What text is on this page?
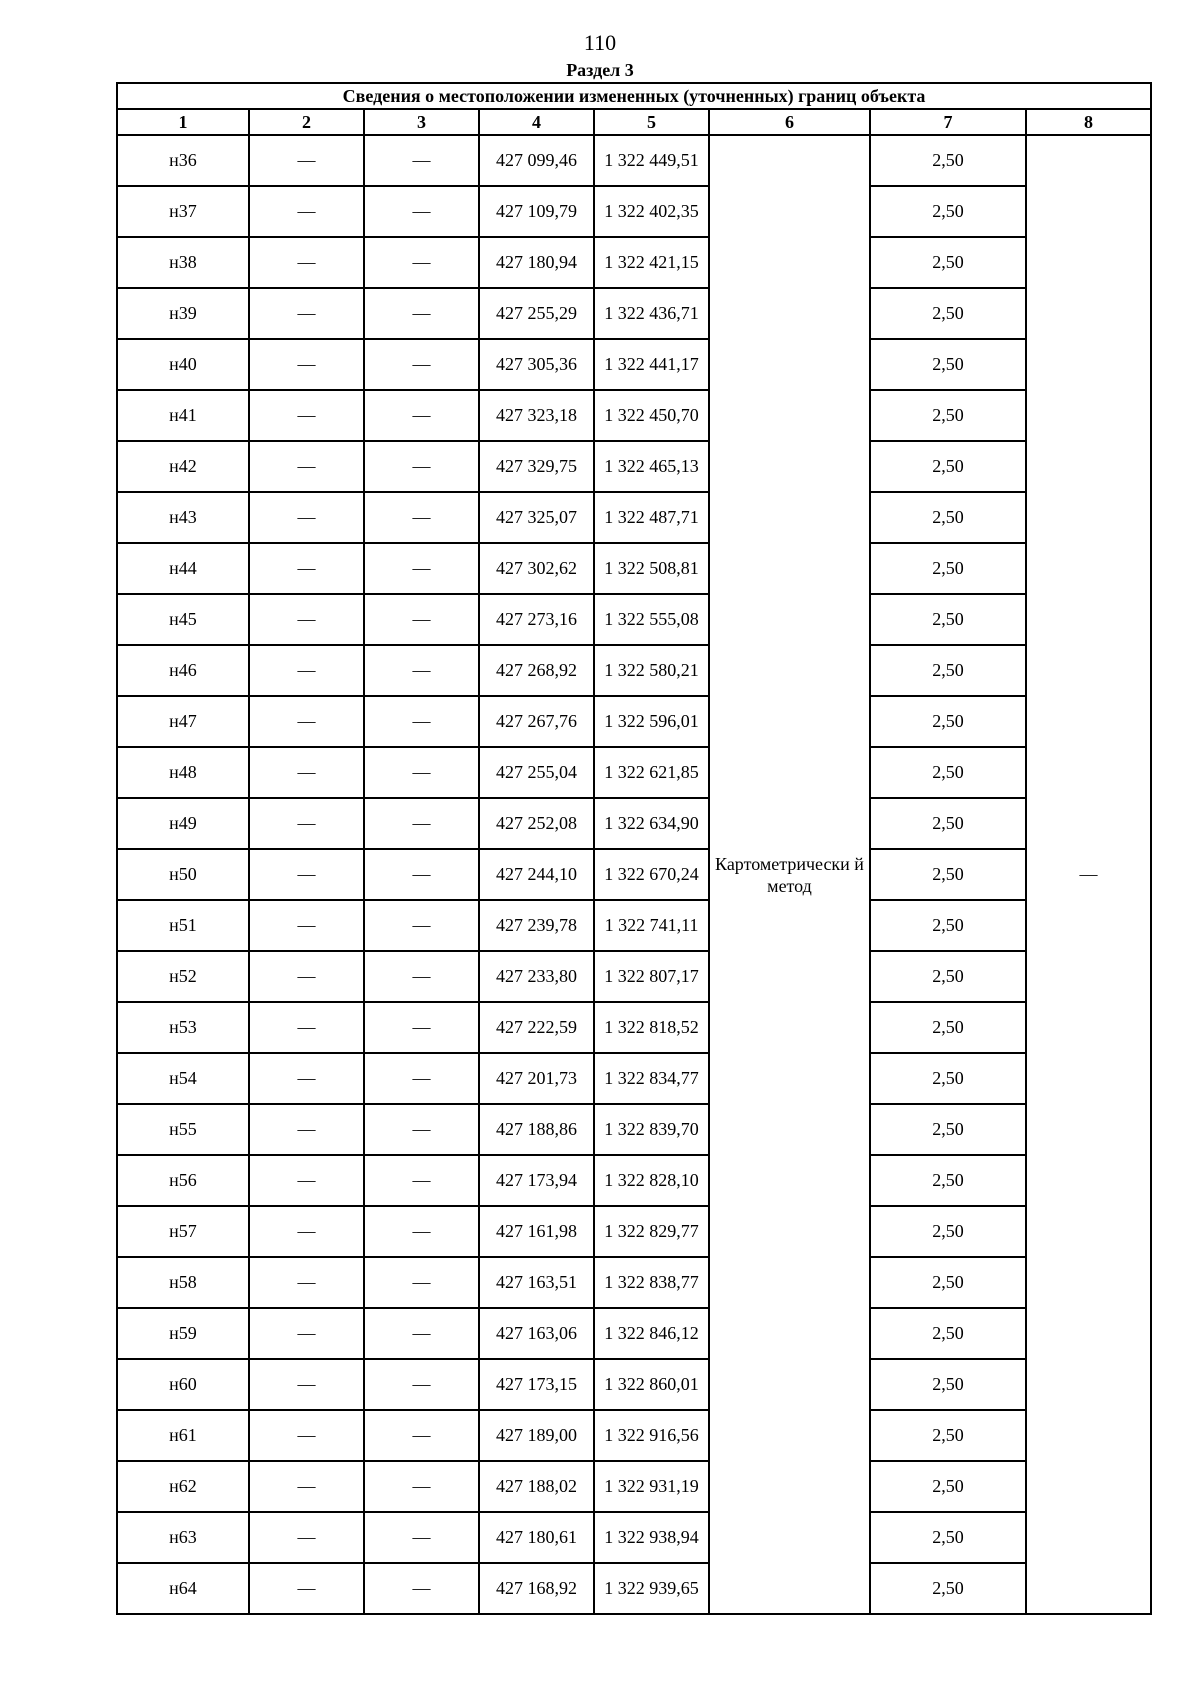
110
Раздел 3
Сведения о местоположении измененных (уточненных) границ объекта							
1	2	3	4	5	6	7	8
н36	—	—	427 099,46	1 322 449,51	Картометрически й метод	2,50	—
н37	—	—	427 109,79	1 322 402,35		2,50	
н38	—	—	427 180,94	1 322 421,15		2,50	
н39	—	—	427 255,29	1 322 436,71		2,50	
н40	—	—	427 305,36	1 322 441,17		2,50	
н41	—	—	427 323,18	1 322 450,70		2,50	
н42	—	—	427 329,75	1 322 465,13		2,50	
н43	—	—	427 325,07	1 322 487,71		2,50	
н44	—	—	427 302,62	1 322 508,81		2,50	
н45	—	—	427 273,16	1 322 555,08		2,50	
н46	—	—	427 268,92	1 322 580,21		2,50	
н47	—	—	427 267,76	1 322 596,01		2,50	
н48	—	—	427 255,04	1 322 621,85		2,50	
н49	—	—	427 252,08	1 322 634,90		2,50	
н50	—	—	427 244,10	1 322 670,24		2,50	
н51	—	—	427 239,78	1 322 741,11		2,50	
н52	—	—	427 233,80	1 322 807,17		2,50	
н53	—	—	427 222,59	1 322 818,52		2,50	
н54	—	—	427 201,73	1 322 834,77		2,50	
н55	—	—	427 188,86	1 322 839,70		2,50	
н56	—	—	427 173,94	1 322 828,10		2,50	
н57	—	—	427 161,98	1 322 829,77		2,50	
н58	—	—	427 163,51	1 322 838,77		2,50	
н59	—	—	427 163,06	1 322 846,12		2,50	
н60	—	—	427 173,15	1 322 860,01		2,50	
н61	—	—	427 189,00	1 322 916,56		2,50	
н62	—	—	427 188,02	1 322 931,19		2,50	
н63	—	—	427 180,61	1 322 938,94		2,50	
н64	—	—	427 168,92	1 322 939,65		2,50	
